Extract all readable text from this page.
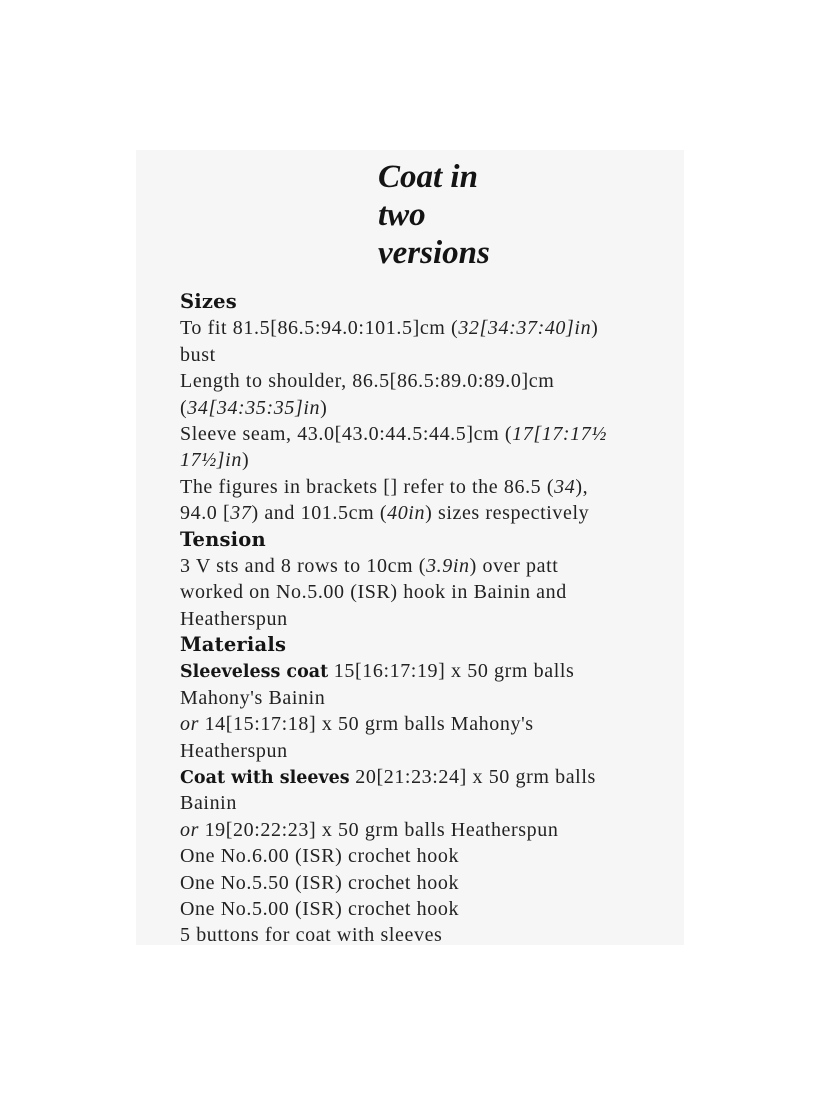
Coat in
two
versions
Sizes
To fit 81.5[86.5:94.0:101.5]cm (32[34:37:40]in)
bust
Length to shoulder, 86.5[86.5:89.0:89.0]cm
(34[34:35:35]in)
Sleeve seam, 43.0[43.0:44.5:44.5]cm (17[17:17½
17½]in)
The figures in brackets [] refer to the 86.5 (34),
94.0 [37) and 101.5cm (40in) sizes respectively
Tension
3 V sts and 8 rows to 10cm (3.9in) over patt
worked on No.5.00 (ISR) hook in Bainin and
Heatherspun
Materials
Sleeveless coat 15[16:17:19] x 50 grm balls
Mahony's Bainin
or 14[15:17:18] x 50 grm balls Mahony's
Heatherspun
Coat with sleeves 20[21:23:24] x 50 grm balls
Bainin
or 19[20:22:23] x 50 grm balls Heatherspun
One No.6.00 (ISR) crochet hook
One No.5.50 (ISR) crochet hook
One No.5.00 (ISR) crochet hook
5 buttons for coat with sleeves
